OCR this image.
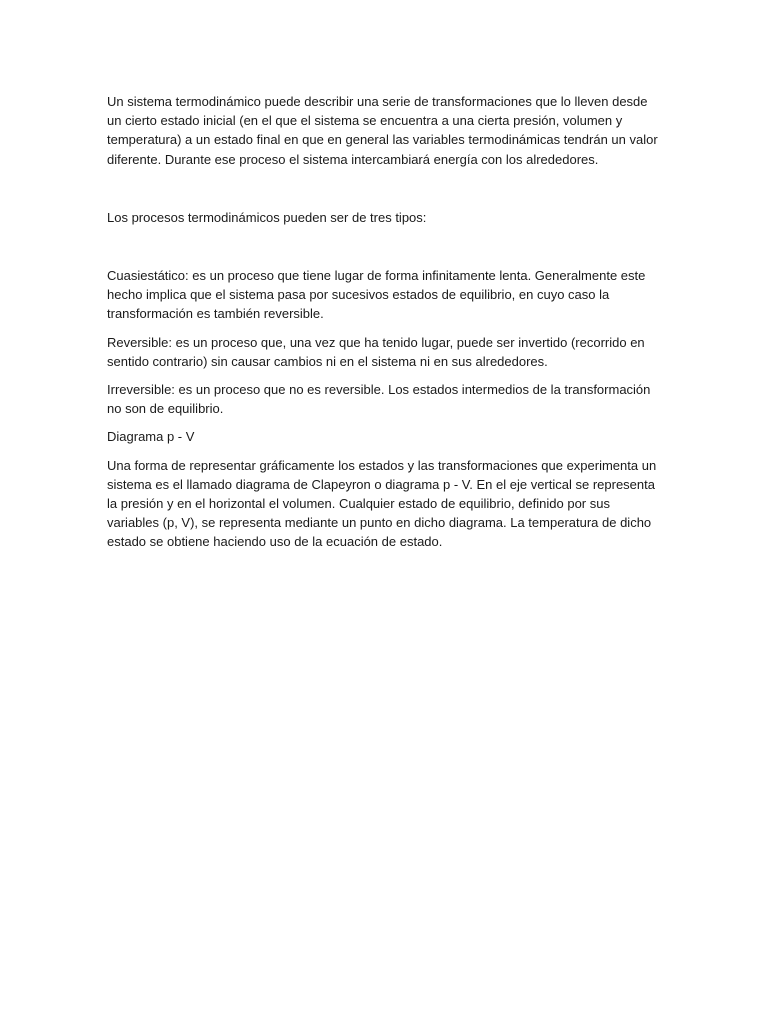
Un sistema termodinámico puede describir una serie de transformaciones que lo lleven desde un cierto estado inicial (en el que el sistema se encuentra a una cierta presión, volumen y temperatura) a un estado final en que en general las variables termodinámicas tendrán un valor diferente. Durante ese proceso el sistema intercambiará energía con los alrededores.

Los procesos termodinámicos pueden ser de tres tipos:

Cuasiestático: es un proceso que tiene lugar de forma infinitamente lenta. Generalmente este hecho implica que el sistema pasa por sucesivos estados de equilibrio, en cuyo caso la transformación es también reversible.

Reversible: es un proceso que, una vez que ha tenido lugar, puede ser invertido (recorrido en sentido contrario) sin causar cambios ni en el sistema ni en sus alrededores.

Irreversible: es un proceso que no es reversible. Los estados intermedios de la transformación no son de equilibrio.

Diagrama p - V

Una forma de representar gráficamente los estados y las transformaciones que experimenta un sistema es el llamado diagrama de Clapeyron o diagrama p - V. En el eje vertical se representa la presión y en el horizontal el volumen. Cualquier estado de equilibrio, definido por sus variables (p, V), se representa mediante un punto en dicho diagrama. La temperatura de dicho estado se obtiene haciendo uso de la ecuación de estado.
